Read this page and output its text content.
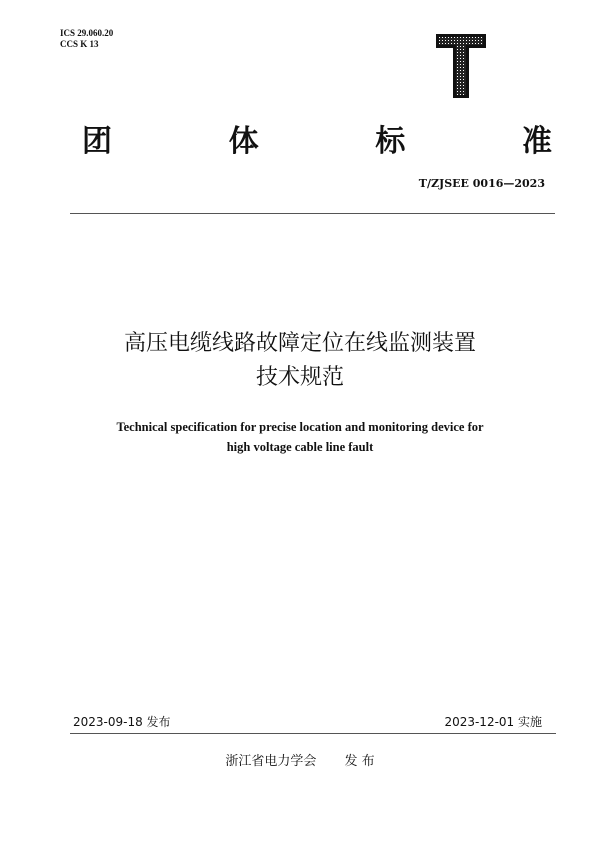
ICS 29.060.20
CCS K 13
团	体	标	准
T/ZJSEE 0016—2023
高压电缆线路故障定位在线监测装置
技术规范
Technical specification for precise location and monitoring device for
high voltage cable line fault
2023-09-18 发布	2023-12-01 实施
浙江省电力学会 发 布
